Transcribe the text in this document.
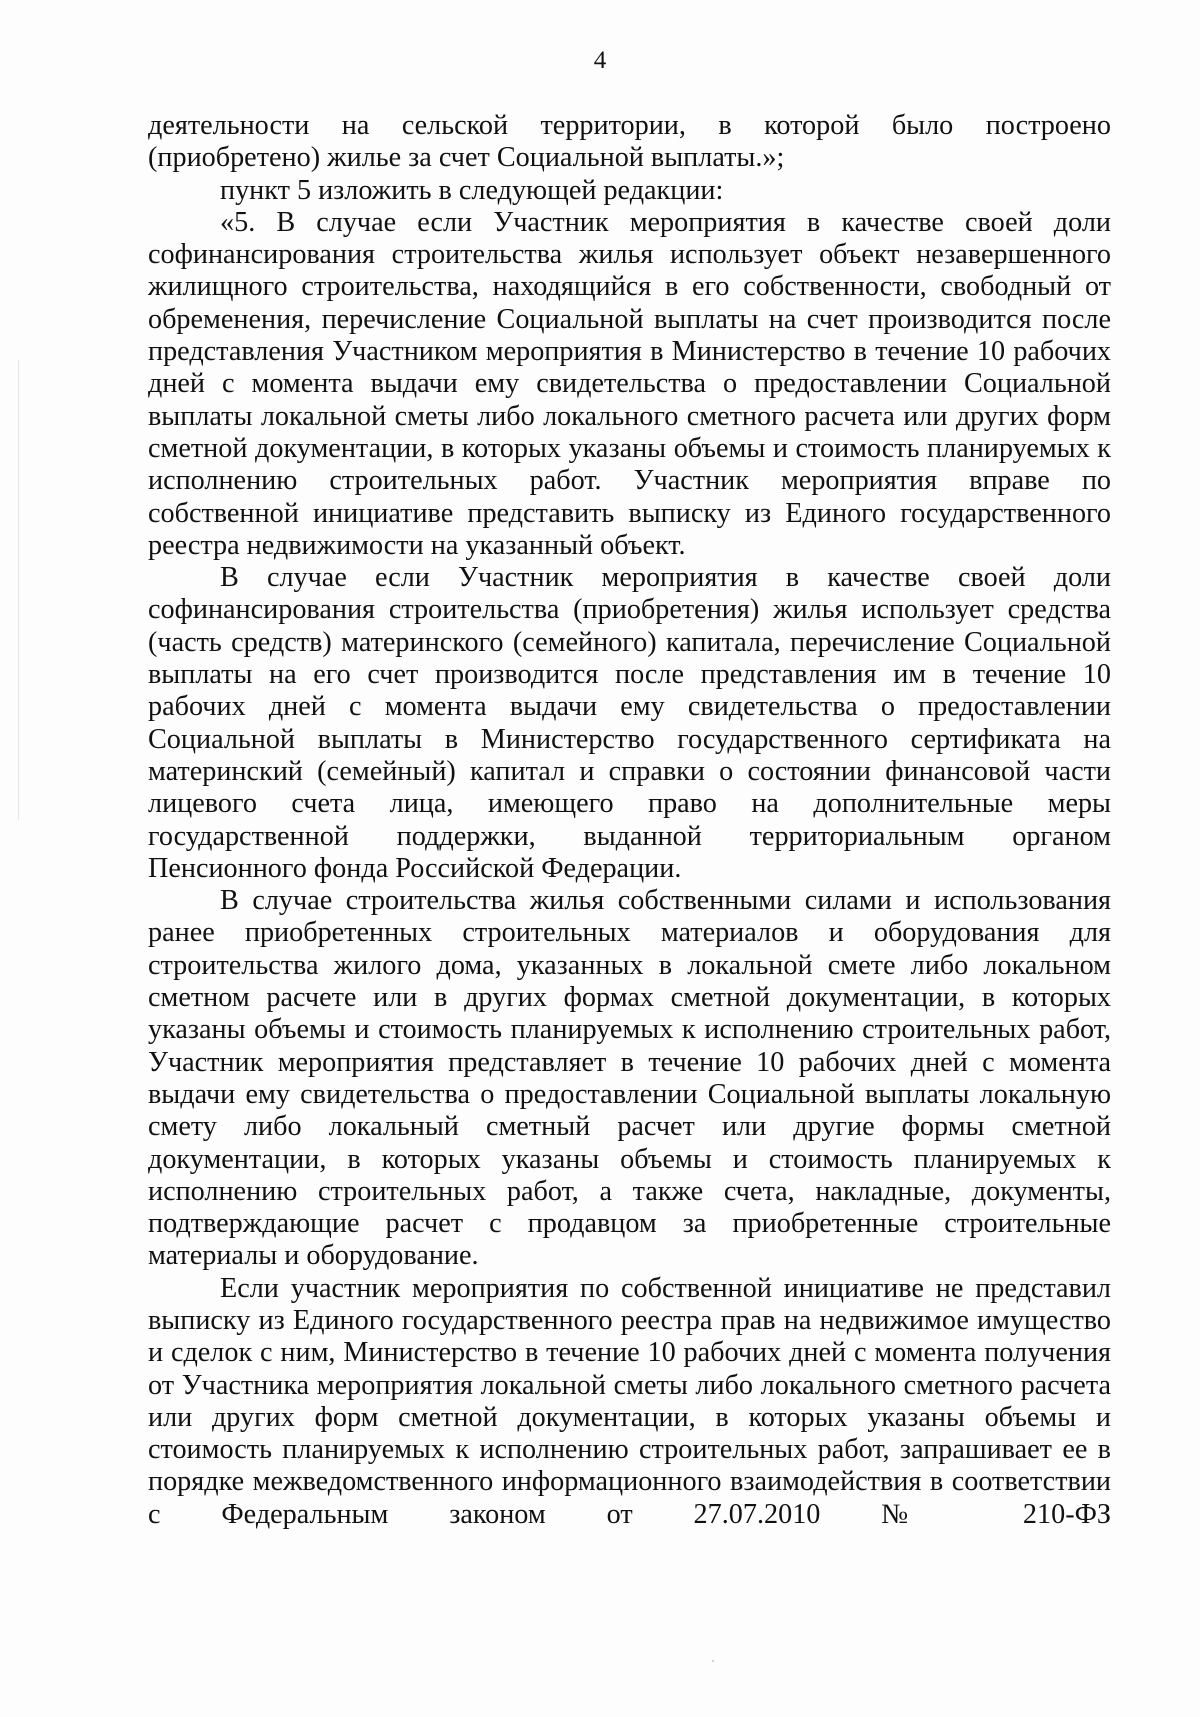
4

деятельности на сельской территории, в которой было построено (приобретено) жилье за счет Социальной выплаты.»;

пункт 5 изложить в следующей редакции:

«5. В случае если Участник мероприятия в качестве своей доли софинансирования строительства жилья использует объект незавершенного жилищного строительства, находящийся в его собственности, свободный от обременения, перечисление Социальной выплаты на счет производится после представления Участником мероприятия в Министерство в течение 10 рабочих дней с момента выдачи ему свидетельства о предоставлении Социальной выплаты локальной сметы либо локального сметного расчета или других форм сметной документации, в которых указаны объемы и стоимость планируемых к исполнению строительных работ. Участник мероприятия вправе по собственной инициативе представить выписку из Единого государственного реестра недвижимости на указанный объект.

В случае если Участник мероприятия в качестве своей доли софинансирования строительства (приобретения) жилья использует средства (часть средств) материнского (семейного) капитала, перечисление Социальной выплаты на его счет производится после представления им в течение 10 рабочих дней с момента выдачи ему свидетельства о предоставлении Социальной выплаты в Министерство государственного сертификата на материнский (семейный) капитал и справки о состоянии финансовой части лицевого счета лица, имеющего право на дополнительные меры государственной поддержки, выданной территориальным органом Пенсионного фонда Российской Федерации.

В случае строительства жилья собственными силами и использования ранее приобретенных строительных материалов и оборудования для строительства жилого дома, указанных в локальной смете либо локальном сметном расчете или в других формах сметной документации, в которых указаны объемы и стоимость планируемых к исполнению строительных работ, Участник мероприятия представляет в течение 10 рабочих дней с момента выдачи ему свидетельства о предоставлении Социальной выплаты локальную смету либо локальный сметный расчет или другие формы сметной документации, в которых указаны объемы и стоимость планируемых к исполнению строительных работ, а также счета, накладные, документы, подтверждающие расчет с продавцом за приобретенные строительные материалы и оборудование.

Если участник мероприятия по собственной инициативе не представил выписку из Единого государственного реестра прав на недвижимое имущество и сделок с ним, Министерство в течение 10 рабочих дней с момента получения от Участника мероприятия локальной сметы либо локального сметного расчета или других форм сметной документации, в которых указаны объемы и стоимость планируемых к исполнению строительных работ, запрашивает ее в порядке межведомственного информационного взаимодействия в соответствии с Федеральным законом от 27.07.2010 № 210-ФЗ
